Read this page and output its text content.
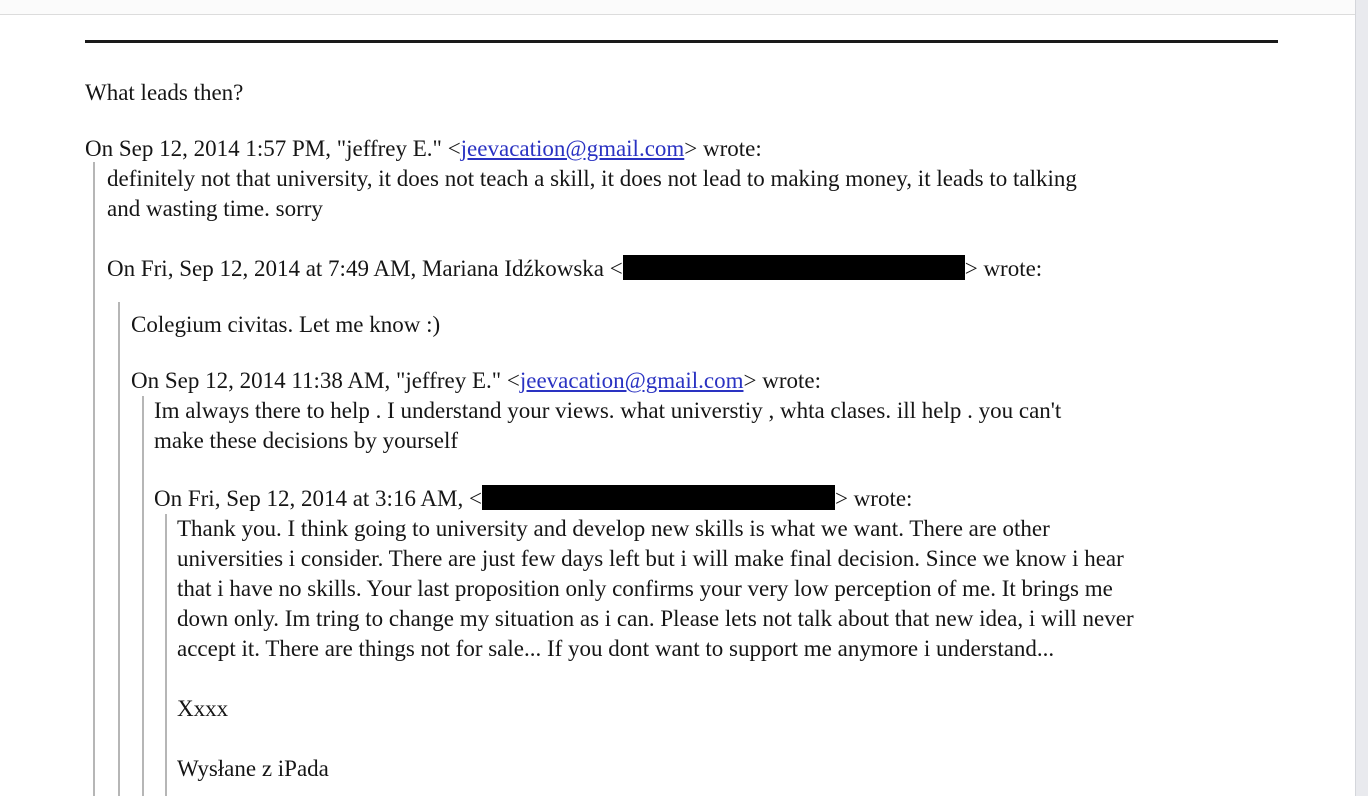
What leads then?
On Sep 12, 2014 1:57 PM, "jeffrey E." <jeevacation@gmail.com> wrote:
definitely not that university, it does not teach a skill, it does not lead to making money, it leads to talking
and wasting time. sorry
On Fri, Sep 12, 2014 at 7:49 AM, Mariana Idźkowska <	> wrote:
Colegium civitas. Let me know :)
On Sep 12, 2014 11:38 AM, "jeffrey E." <jeevacation@gmail.com> wrote:
Im always there to help . I understand your views. what universtiy , whta clases. ill help . you can't
make these decisions by yourself
On Fri, Sep 12, 2014 at 3:16 AM, <	> wrote:
Thank you. I think going to university and develop new skills is what we want. There are other
universities i consider. There are just few days left but i will make final decision. Since we know i hear
that i have no skills. Your last proposition only confirms your very low perception of me. It brings me
down only. Im tring to change my situation as i can. Please lets not talk about that new idea, i will never
accept it. There are things not for sale... If you dont want to support me anymore i understand...
Xxxx
Wysłane z iPada
